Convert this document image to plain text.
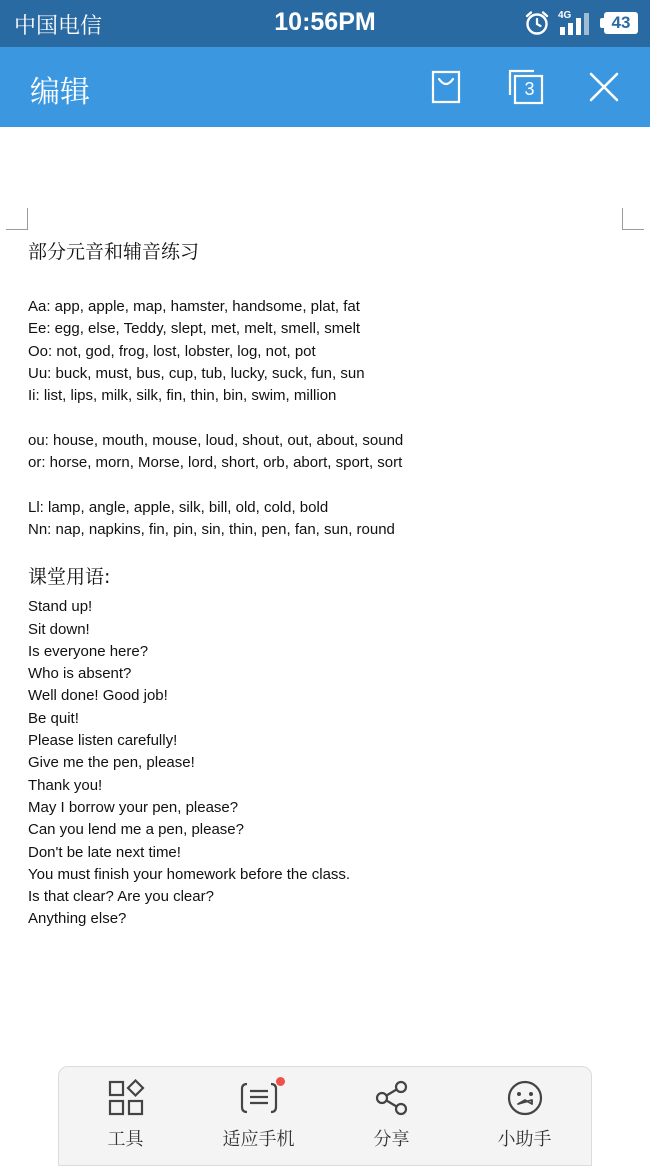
中国电信	10:56PM	4G	43
编辑	3
部分元音和辅音练习
Aa: app, apple, map, hamster, handsome, plat, fat
Ee: egg, else, Teddy, slept, met, melt, smell, smelt
Oo: not, god, frog, lost, lobster, log, not, pot
Uu: buck, must, bus, cup, tub, lucky, suck, fun, sun
Ii: list, lips, milk, silk, fin, thin, bin, swim, million
ou: house, mouth, mouse, loud, shout, out, about, sound
or: horse, morn, Morse, lord, short, orb, abort, sport, sort
Ll: lamp, angle, apple, silk, bill, old, cold, bold
Nn: nap, napkins, fin, pin, sin, thin, pen, fan, sun, round
课堂用语:
Stand up!
Sit down!
Is everyone here?
Who is absent?
Well done! Good job!
Be quit!
Please listen carefully!
Give me the pen, please!
Thank you!
May I borrow your pen, please?
Can you lend me a pen, please?
Don't be late next time!
You must finish your homework before the class.
Is that clear? Are you clear?
Anything else?
工具	适应手机	分享	小助手
